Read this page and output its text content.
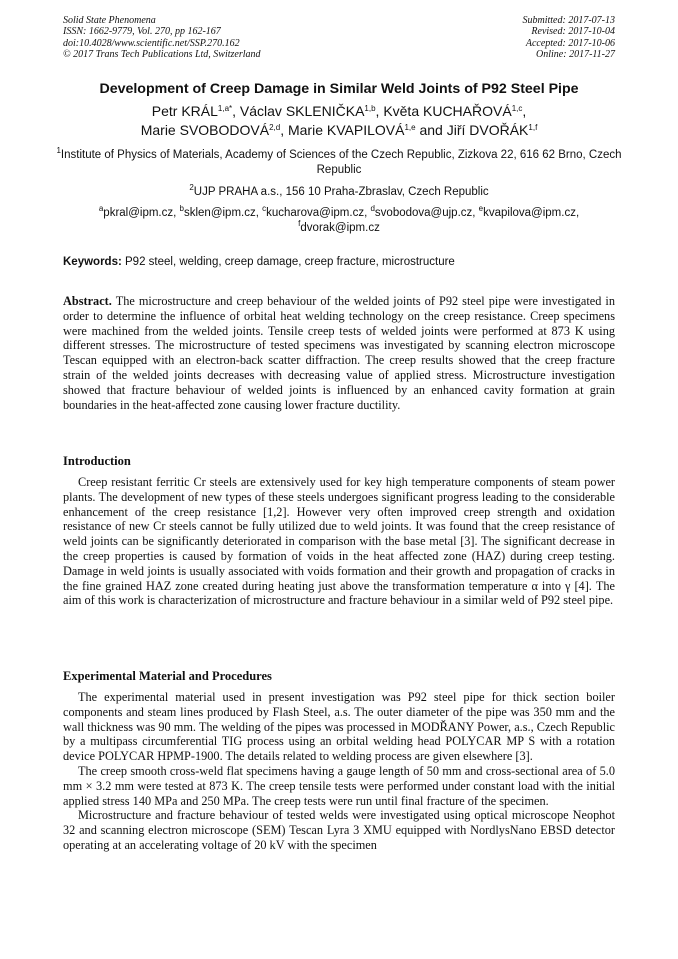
Solid State Phenomena
ISSN: 1662-9779, Vol. 270, pp 162-167
doi:10.4028/www.scientific.net/SSP.270.162
© 2017 Trans Tech Publications Ltd, Switzerland
Submitted: 2017-07-13
Revised: 2017-10-04
Accepted: 2017-10-06
Online: 2017-11-27
Development of Creep Damage in Similar Weld Joints of P92 Steel Pipe
Petr $KRÁL^{1,a*}$, Václav SKLENIČKA$^{1,b}$, Květa KUCHAŘOVÁ$^{1,c}$,
Marie SVOBODOVÁ$^{2,d}$, Marie KVAPILOVÁ$^{1,e}$ and Jiří DVOŘÁK$^{1,f}$
$^1$Institute of Physics of Materials, Academy of Sciences of the Czech Republic, Zizkova 22, 616 62 Brno, Czech Republic
$^2$UJP PRAHA a.s., 156 10 Praha-Zbraslav, Czech Republic
$^a$pkral@ipm.cz, $^b$sklen@ipm.cz, $^c$kucharova@ipm.cz, $^d$svobodova@ujp.cz, $^e$kvapilova@ipm.cz,
$^f$dvorak@ipm.cz
Keywords: P92 steel, welding, creep damage, creep fracture, microstructure
Abstract. The microstructure and creep behaviour of the welded joints of P92 steel pipe were investigated in order to determine the influence of orbital heat welding technology on the creep resistance. Creep specimens were machined from the welded joints. Tensile creep tests of welded joints were performed at 873 K using different stresses. The microstructure of tested specimens was investigated by scanning electron microscope Tescan equipped with an electron-back scatter diffraction. The creep results showed that the creep fracture strain of the welded joints decreases with decreasing value of applied stress. Microstructure investigation showed that fracture behaviour of welded joints is influenced by an enhanced cavity formation at grain boundaries in the heat-affected zone causing lower fracture ductility.
Introduction

Creep resistant ferritic Cr steels are extensively used for key high temperature components of steam power plants. The development of new types of these steels undergoes significant progress leading to the considerable enhancement of the creep resistance [1,2]. However very often improved creep strength and oxidation resistance of new Cr steels cannot be fully utilized due to weld joints. It was found that the creep resistance of weld joints can be significantly deteriorated in comparison with the base metal [3]. The significant decrease in the creep properties is caused by formation of voids in the heat affected zone (HAZ) during creep testing. Damage in weld joints is usually associated with voids formation and their growth and propagation of cracks in the fine grained HAZ zone created during heating just above the transformation temperature α into γ [4]. The aim of this work is characterization of microstructure and fracture behaviour in a similar weld of P92 steel pipe.

Experimental Material and Procedures

The experimental material used in present investigation was P92 steel pipe for thick section boiler components and steam lines produced by Flash Steel, a.s. The outer diameter of the pipe was 350 mm and the wall thickness was 90 mm. The welding of the pipes was processed in MODŘANY Power, a.s., Czech Republic by a multipass circumferential TIG process using an orbital welding head POLYCAR MP S with a rotation device POLYCAR HPMP-1900. The details related to welding process are given elsewhere [3].

The creep smooth cross-weld flat specimens having a gauge length of 50 mm and cross-sectional area of 5.0 mm × 3.2 mm were tested at 873 K. The creep tensile tests were performed under constant load with the initial applied stress 140 MPa and 250 MPa. The creep tests were run until final fracture of the specimen.

Microstructure and fracture behaviour of tested welds were investigated using optical microscope Neophot 32 and scanning electron microscope (SEM) Tescan Lyra 3 XMU equipped with NordlysNano EBSD detector operating at an accelerating voltage of 20 kV with the specimen
